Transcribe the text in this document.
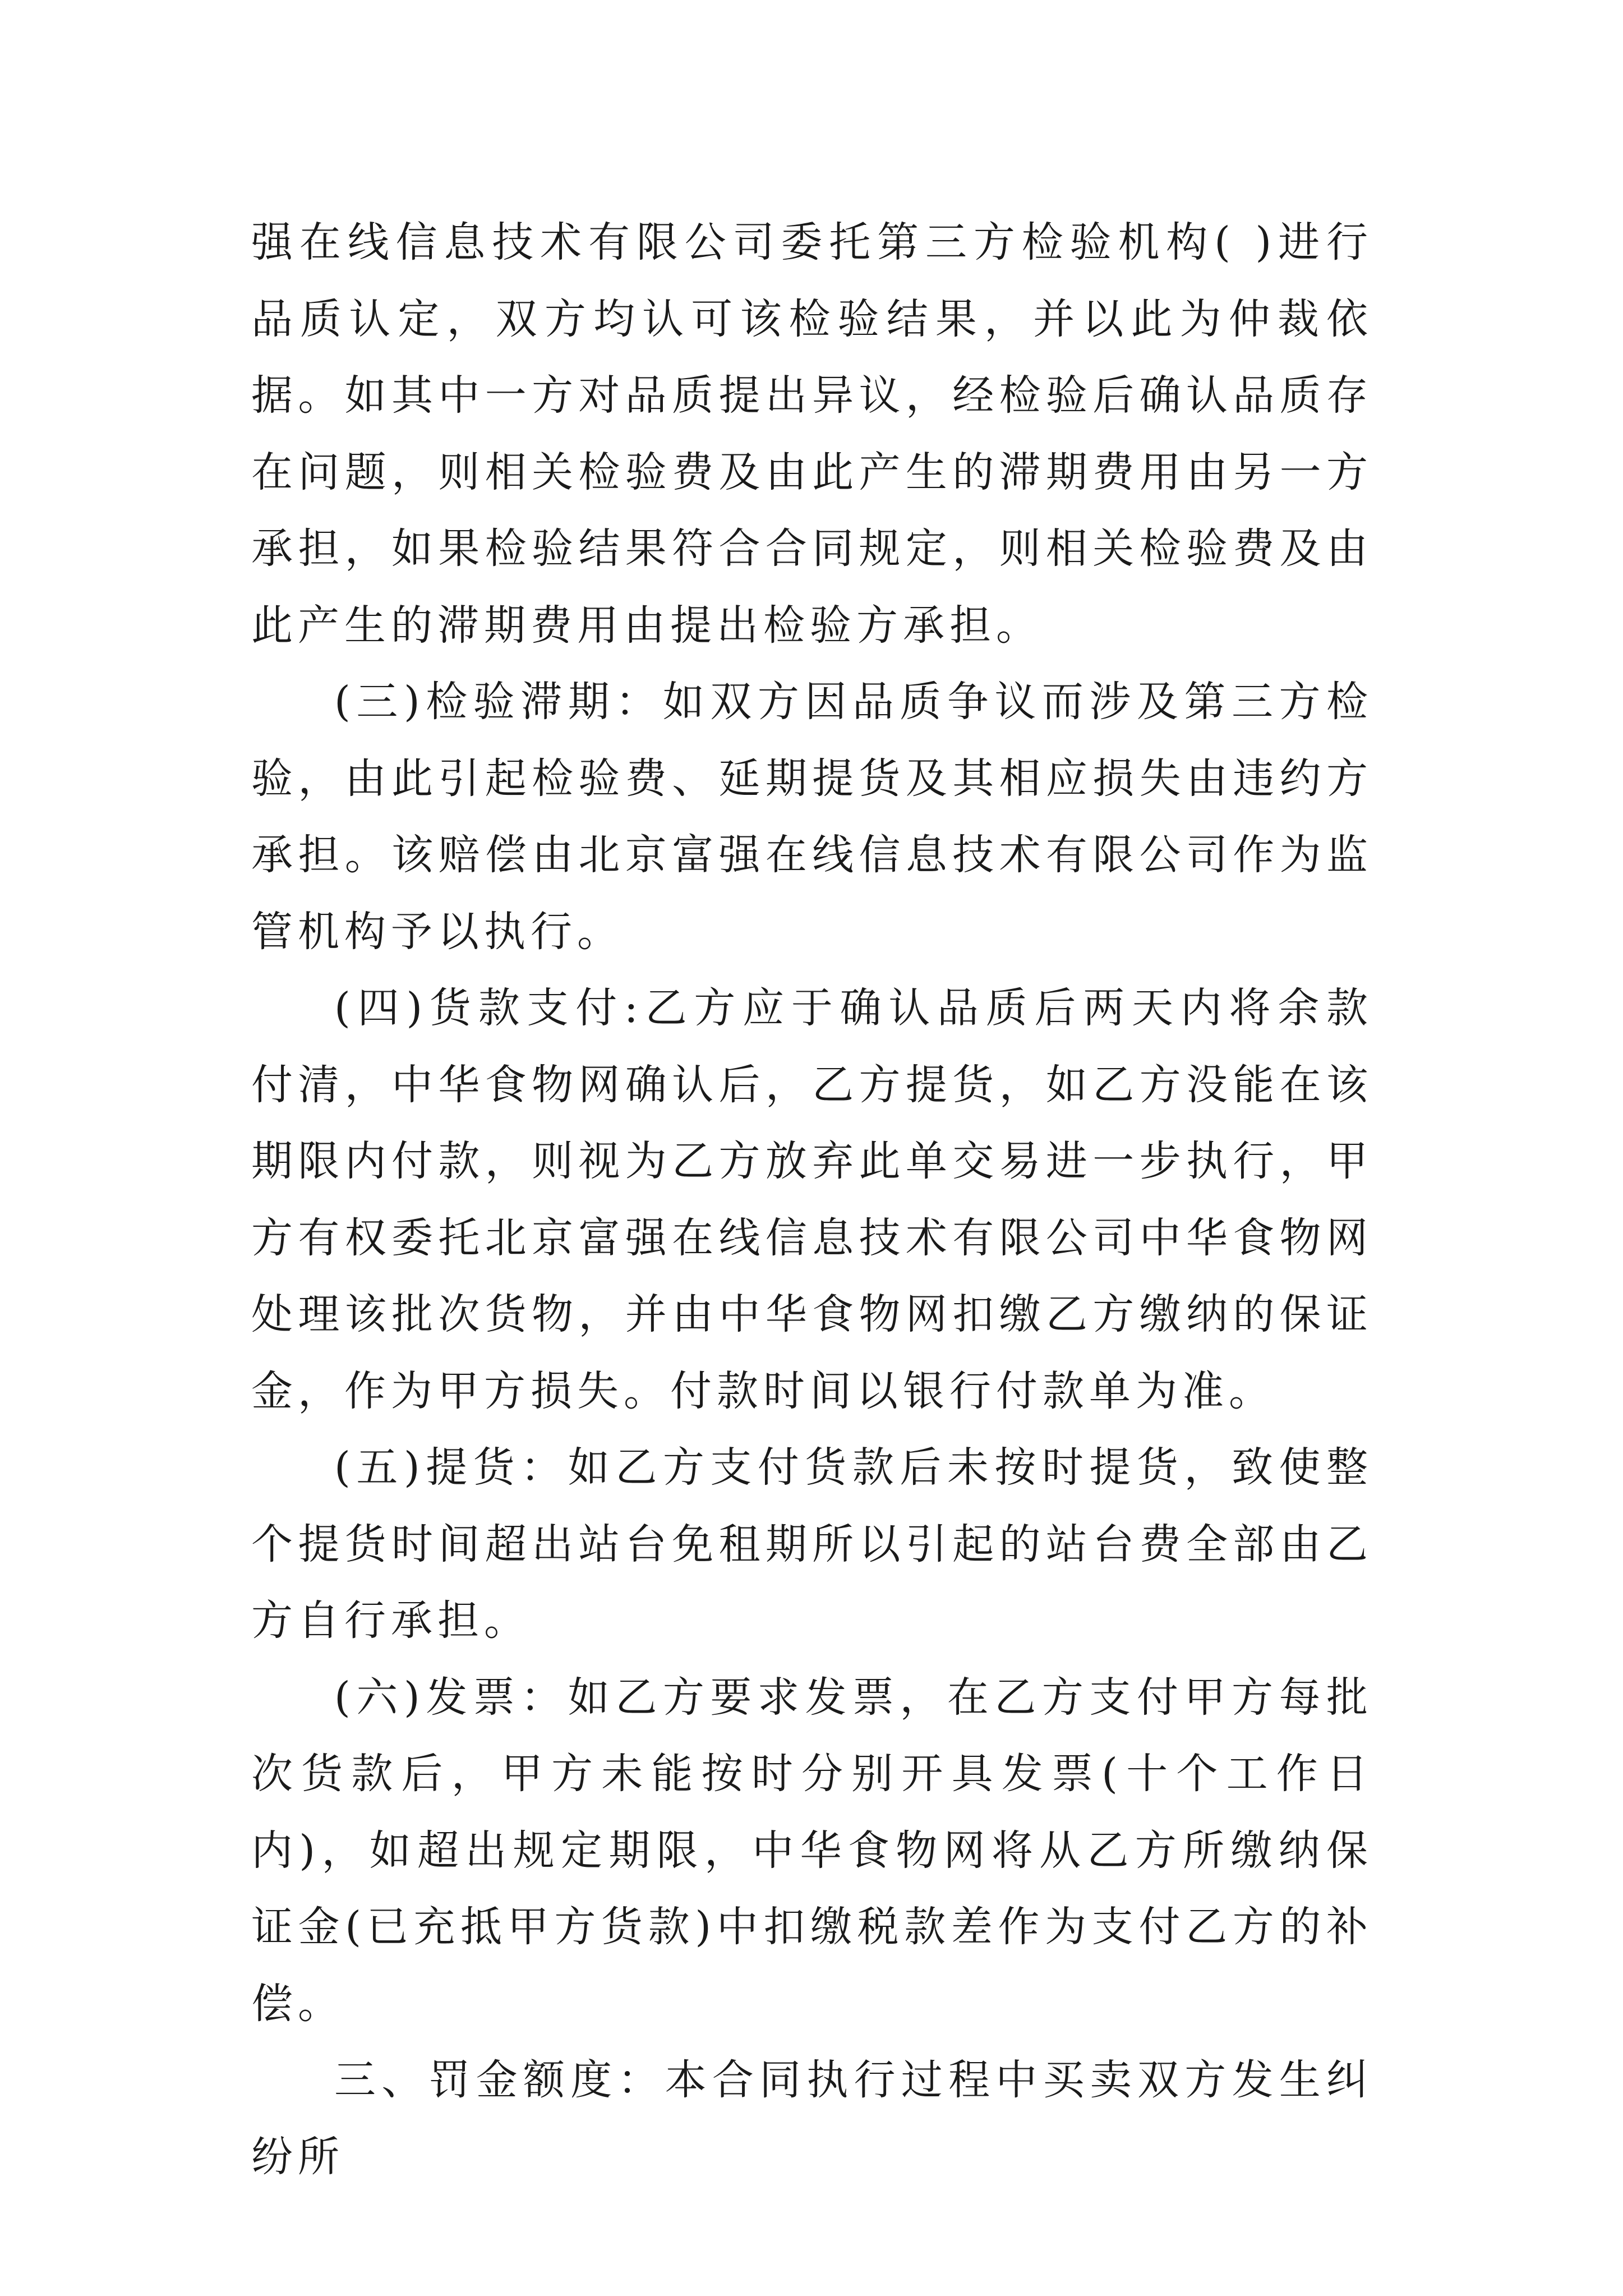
强在线信息技术有限公司委托第三方检验机构( )进行品质认定，双方均认可该检验结果，并以此为仲裁依据。如其中一方对品质提出异议，经检验后确认品质存在问题，则相关检验费及由此产生的滞期费用由另一方承担，如果检验结果符合合同规定，则相关检验费及由此产生的滞期费用由提出检验方承担。

(三)检验滞期：如双方因品质争议而涉及第三方检验，由此引起检验费、延期提货及其相应损失由违约方承担。该赔偿由北京富强在线信息技术有限公司作为监管机构予以执行。

(四)货款支付:乙方应于确认品质后两天内将余款付清，中华食物网确认后，乙方提货，如乙方没能在该期限内付款，则视为乙方放弃此单交易进一步执行，甲方有权委托北京富强在线信息技术有限公司中华食物网处理该批次货物，并由中华食物网扣缴乙方缴纳的保证金，作为甲方损失。付款时间以银行付款单为准。

(五)提货：如乙方支付货款后未按时提货，致使整个提货时间超出站台免租期所以引起的站台费全部由乙方自行承担。

(六)发票：如乙方要求发票，在乙方支付甲方每批次货款后，甲方未能按时分别开具发票(十个工作日内)，如超出规定期限，中华食物网将从乙方所缴纳保证金(已充抵甲方货款)中扣缴税款差作为支付乙方的补偿。

三、罚金额度：本合同执行过程中买卖双方发生纠纷所
